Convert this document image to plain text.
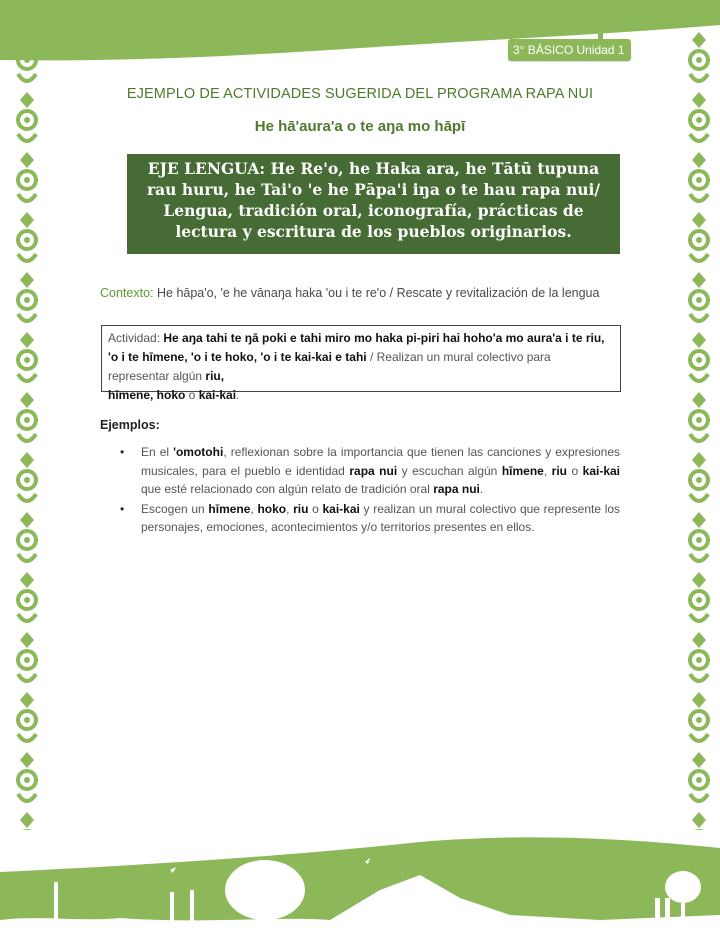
3° BÁSICO Unidad 1
EJEMPLO DE ACTIVIDADES SUGERIDA DEL PROGRAMA RAPA NUI
He hā'aura'a o te aŋa mo hāpī
EJE LENGUA: He Re'o, he Haka ara, he Tātū tupuna rau huru, he Tai'o 'e he Pāpa'i iŋa o te hau rapa nui/ Lengua, tradición oral, iconografía, prácticas de lectura y escritura de los pueblos originarios.
Contexto: He hāpa'o, 'e he vānaŋa haka 'ou i te re'o / Rescate y revitalización de la lengua
Actividad: He aŋa tahi te ŋā poki e tahi miro mo haka pi-piri hai hoho'a mo aura'a i te riu, 'o i te hīmene, 'o i te hoko, 'o i te kai-kai e tahi / Realizan un mural colectivo para representar algún riu,
hīmene, hoko o kai-kai.
Ejemplos:
• En el 'omotohi, reflexionan sobre la importancia que tienen las canciones y expresiones musicales, para el pueblo e identidad rapa nui y escuchan algún hīmene, riu o kai-kai que esté relacionado con algún relato de tradición oral rapa nui.
• Escogen un hīmene, hoko, riu o kai-kai y realizan un mural colectivo que represente los personajes, emociones, acontecimientos y/o territorios presentes en ellos.
